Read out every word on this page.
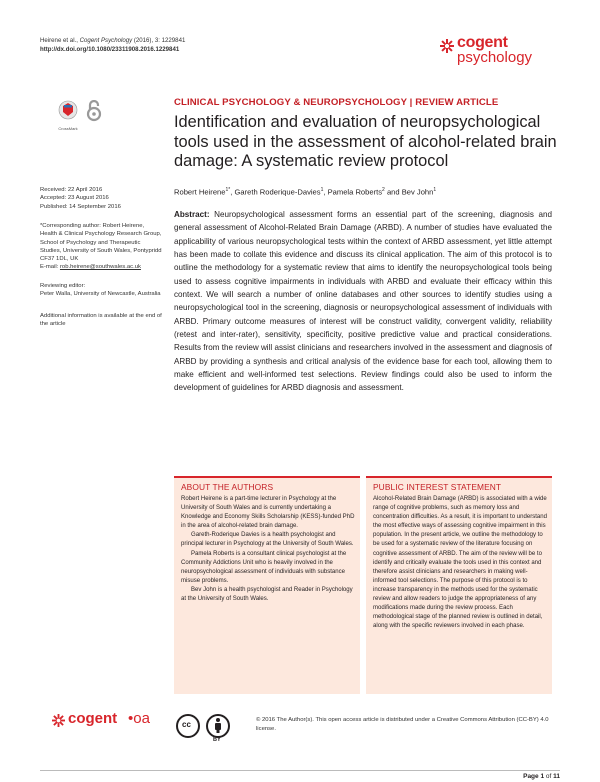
Heirene et al., Cogent Psychology (2016), 3: 1229841
http://dx.doi.org/10.1080/23311908.2016.1229841	cogent
psychology
CrossMark
CLINICAL PSYCHOLOGY & NEUROPSYCHOLOGY | REVIEW ARTICLE
Identification and evaluation of neuropsychological tools used in the assessment of alcohol-related brain damage: A systematic review protocol
Robert Heirene$^{1*}$, Gareth Roderique-Davies$^1$, Pamela Roberts$^2$ and Bev John$^1$

Abstract: Neuropsychological assessment forms an essential part of the screening, diagnosis and general assessment of Alcohol-Related Brain Damage (ARBD). A number of studies have evaluated the applicability of various neuropsychological tests within the context of ARBD assessment, yet little attempt has been made to collate this evidence and discuss its clinical application. The aim of this protocol is to outline the methodology for a systematic review that aims to identify the neuropsychological tools being used to assess cognitive impairments in individuals with ARBD and evaluate their efficacy within this context. We will search a number of online databases and other sources to identify studies using a neuropsychological tool in the screening, diagnosis or neuropsychological assessment of individuals with ARBD. Primary outcome measures of interest will be construct validity, convergent validity, reliability (retest and inter-rater), sensitivity, specificity, positive predictive value and practical considerations. Results from the review will assist clinicians and researchers involved in the assessment and diagnosis of ARBD by providing a synthesis and critical analysis of the evidence base for each tool, allowing them to make efficient and well-informed test selections. Review findings could also be used to inform the development of guidelines for ARBD diagnosis and assessment.

Received: 22 April 2016

Accepted: 23 August 2016

Published: 14 September 2016

*Corresponding author: Robert Heirene, Health & Clinical Psychology Research Group, School of Psychology and Therapeutic Studies, University of South Wales, Pontypridd CF37 1DL, UK

E-mail: rob.heirene@southwales.ac.uk

Reviewing editor:

Peter Walla, University of Newcastle, Australia

Additional information is available at the end of the article

ABOUT THE AUTHORS

Robert Heirene is a part-time lecturer in Psychology at the University of South Wales and is currently undertaking a Knowledge and Economy Skills Scholarship (KESS)-funded PhD in the area of alcohol-related brain damage.

Gareth-Roderique Davies is a health psychologist and principal lecturer in Psychology at the University of South Wales.

Pamela Roberts is a consultant clinical psychologist at the Community Addictions Unit who is heavily involved in the neuropsychological assessment of individuals with substance misuse problems.

Bev John is a health psychologist and Reader in Psychology at the University of South Wales.

PUBLIC INTEREST STATEMENT

Alcohol-Related Brain Damage (ARBD) is associated with a wide range of cognitive problems, such as memory loss and concentration difficulties. As a result, it is important to understand the most effective ways of assessing cognitive impairment in this population. In the present article, we outline the methodology to be used for a systematic review of the literature focusing on cognitive assessment of ARBD. The aim of the review will be to identify and critically evaluate the tools used in this context and therefore assist clinicians and researchers in making well-informed tool selections. The purpose of this protocol is to increase transparency in the methods used for the systematic review and allow readers to judge the appropriateness of any modifications made during the review process. Each methodological stage of the planned review is outlined in detail, along with the specific reviewers involved in each phase.

cogent •oa	cc
BY

© 2016 The Author(s). This open access article is distributed under a Creative Commons Attribution (CC-BY) 4.0 license.

Page 1 of 11
